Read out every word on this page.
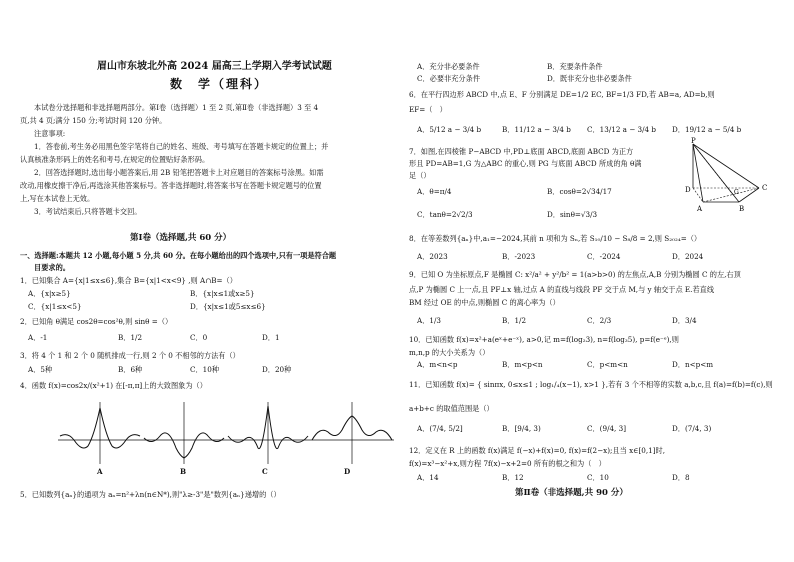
眉山市东坡北外高 2024 届高三上学期入学考试试题
数　学（理科）
本试卷分选择题和非选择题两部分。第Ⅰ卷（选择题）1 至 2 页,第Ⅱ卷（非选择题）3 至 4
页,共 4 页;满分 150 分;考试时间 120 分钟。
注意事项:
1．答卷前,考生务必用黑色签字笔将自己的姓名、班级、考号填写在答题卡规定的位置上；并
认真核准条形码上的姓名和考号,在规定的位置贴好条形码。
2．回答选择题时,选出每小题答案后,用 2B 铅笔把答题卡上对应题目的答案标号涂黑。如需
改动,用橡皮擦干净后,再选涂其他答案标号。答非选择题时,将答案书写在答题卡规定题号的位置
上,写在本试卷上无效。
3．考试结束后,只将答题卡交回。
第Ⅰ卷（选择题,共 60 分）
一、选择题:本题共 12 小题,每小题 5 分,共 60 分。在每小题给出的四个选项中,只有一项是符合题
目要求的。
1．已知集合 A={x|1≤x≤6},集合 B={x|1<x<9} ,则 A∩B=（）
A．{x|x≥5}	B．{x|x≤1或x≥5}
C．{x|1≤x<5}	D．{x|x≤1或5≤x≤6}
2．已知角 θ满足 cos2θ=cos²θ,则 sinθ =（）
A．-1	B．1/2	C．0	D．1
3．将 4 个 1 和 2 个 0 随机排成一行,则 2 个 0 不相邻的方法有（）
A．5种	B．6种	C．10种	D．20种
4．函数 f(x)=cos2x/(x²+1) 在[-π,π]上的大致图象为（）
A	B	C	D
5．已知数列{aₙ}的通项为 aₙ=n²+λn(n∈N*),则"λ≥-3"是"数列{aₙ}递增的（）
A．充分非必要条件	B．充要条件条件
C．必要非充分条件	D．既非充分也非必要条件
6．在平行四边形 ABCD 中,点 E、F 分别满足 DE=1/2 EC, BF=1/3 FD,若 AB=a, AD=b,则
EF=（　）
A．5/12 a − 3/4 b	B．11/12 a − 3/4 b C．13/12 a − 3/4 b D．19/12 a − 5/4 b
7．如图,在四棱锥 P−ABCD 中,PD⊥底面 ABCD,底面 ABCD 为正方
形且 PD=AB=1,G 为△ABC 的重心,则 PG 与底面 ABCD 所成的角 θ满
足（）
A．θ=π/4	B．cosθ=2√34/17
C．tanθ=2√2/3	D．sinθ=√3/3
P
A	B
C
D	G
8．在等差数列{aₙ}中,a₁=−2024,其前 n 项和为 Sₙ,若 S₁₀/10 − S₈/8 = 2,则 S₂₀₂₄=（）
A．2023	B．-2023	C．-2024	D．2024
9．已知 O 为坐标原点,F 是椭圆 C: x²/a² + y²/b² = 1(a>b>0) 的左焦点,A,B 分别为椭圆 C 的左,右顶
点,P 为椭圆 C 上一点,且 PF⊥x 轴,过点 A 的直线与线段 PF 交于点 M,与 y 轴交于点 E.若直线
BM 经过 OE 的中点,则椭圆 C 的离心率为（）
A．1/3	B．1/2	C．2/3	D．3/4
10．已知函数 f(x)=x²+a(eˣ+e⁻ˣ), a>0,记 m=f(log₂3), n=f(log₃5), p=f(e⁻ᵉ),则
m,n,p 的大小关系为（）
A．m<n<p	B．m<p<n	C．p<m<n	D．n<p<m
11．已知函数 f(x)= { sinπx, 0≤x≤1 ; log₁/₄(x−1), x>1 },若有 3 个不相等的实数 a,b,c,且 f(a)=f(b)=f(c),则
a+b+c 的取值范围是（）
A．(7/4, 5/2]	B．[9/4, 3)	C．(9/4, 3]	D．(7/4, 3)
12．定义在 R 上的函数 f(x)满足 f(−x)+f(x)=0, f(x)=f(2−x);且当 x∈[0,1]时,
f(x)=x³−x²+x,则方程 7f(x)−x+2=0 所有的根之和为（　）
A．14	B．12	C．10	D．8
第Ⅱ卷（非选择题,共 90 分）
